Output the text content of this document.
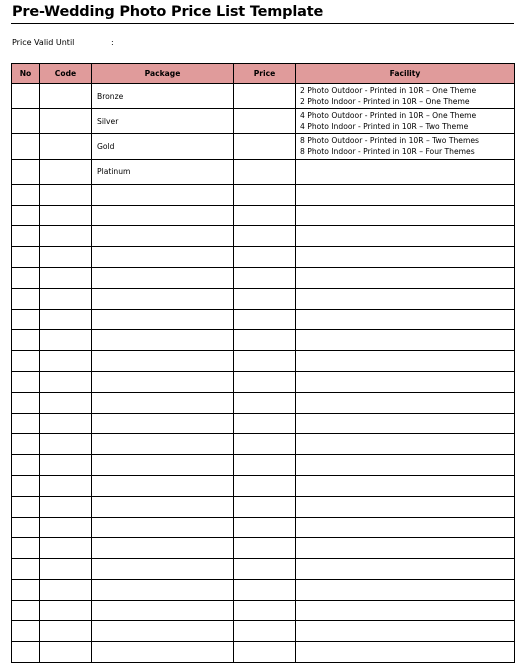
Pre-Wedding Photo Price List Template
Price Valid Until	:
No	Code	Package	Price	Facility
		Bronze		2 Photo Outdoor - Printed in 10R – One Theme
2 Photo Indoor - Printed in 10R – One Theme

		Silver		4 Photo Outdoor - Printed in 10R – One Theme
4 Photo Indoor - Printed in 10R – Two Theme

		Gold		8 Photo Outdoor - Printed in 10R – Two Themes
8 Photo Indoor - Printed in 10R – Four Themes

		Platinum		
